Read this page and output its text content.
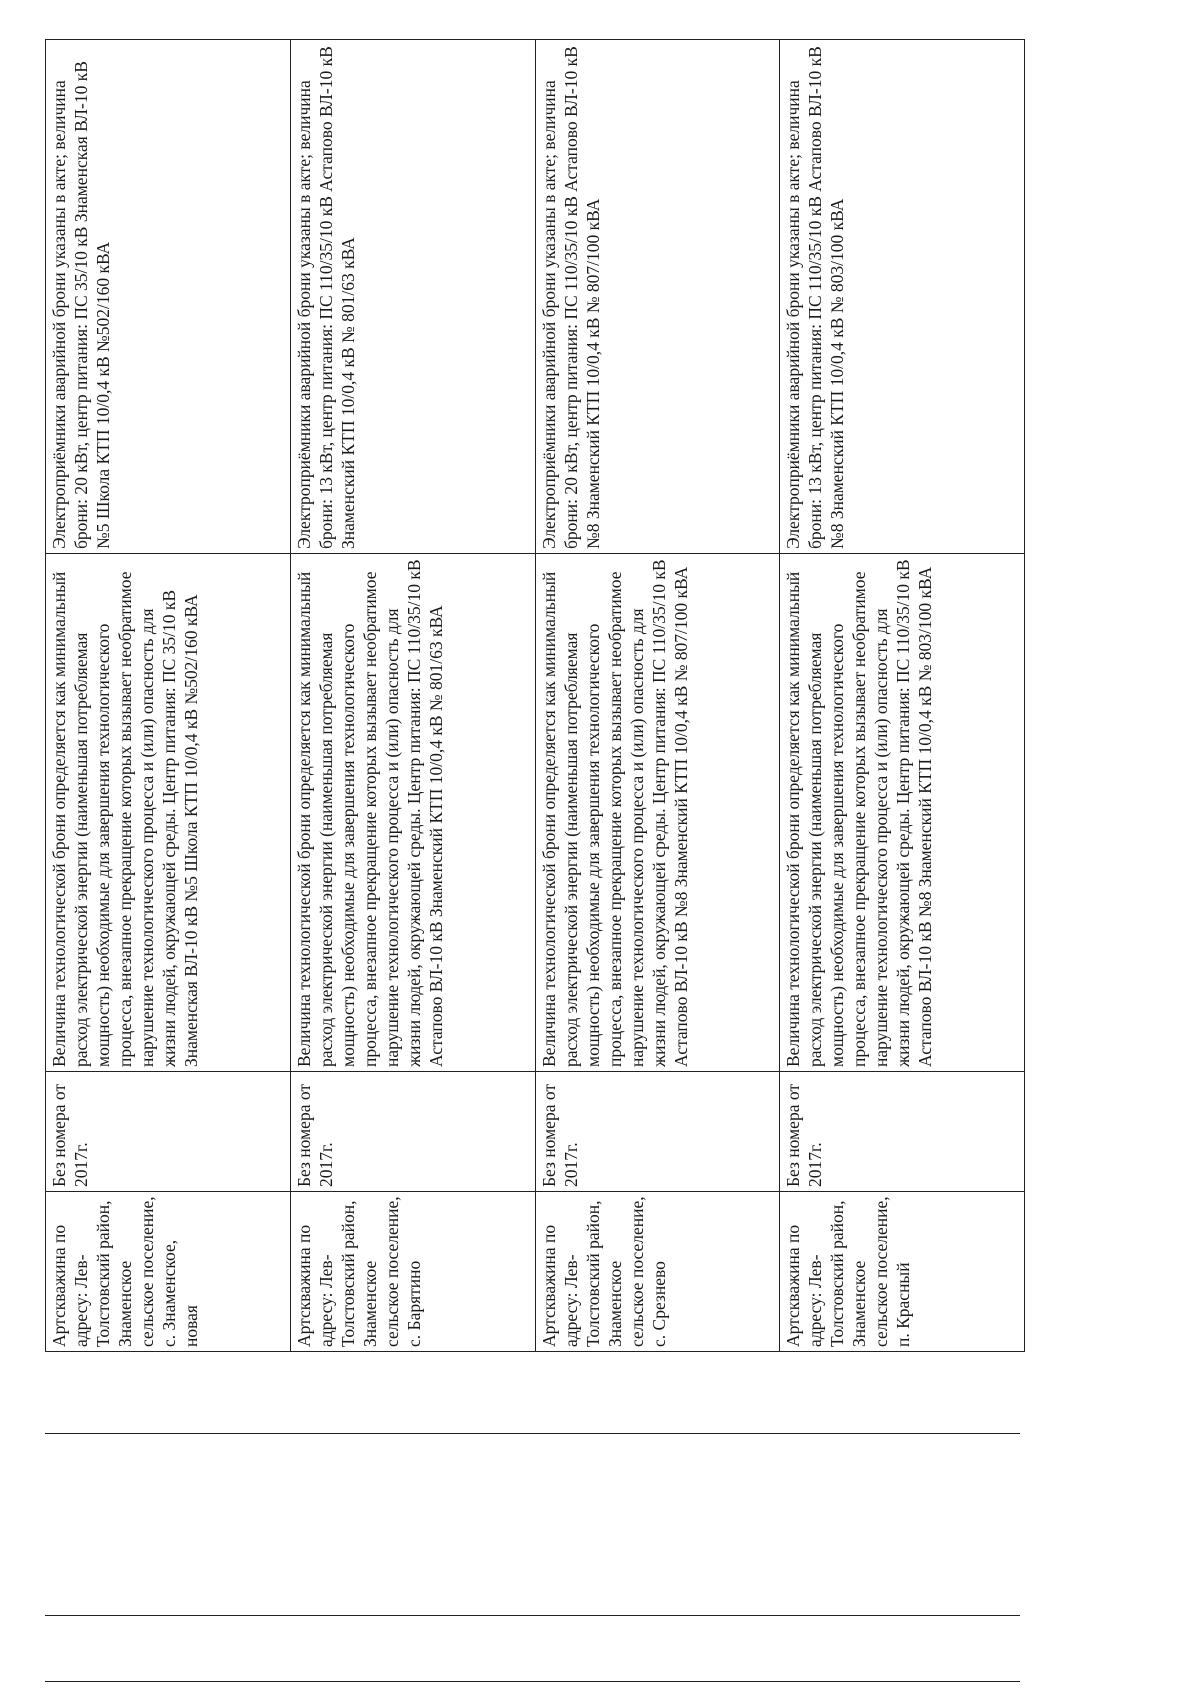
Артскважина по адресу: Лев-Толстовский район, Знаменское сельское поселение, с. Знаменское, новая	Без номера от 2017г.	Величина технологической брони определяется как минимальный расход электрической энергии (наименьшая потребляемая мощность) необходимые для завершения технологического процесса, внезапное прекращение которых вызывает необратимое нарушение технологического процесса и (или) опасность для жизни людей, окружающей среды. Центр питания: ПС 35/10 кВ Знаменская ВЛ-10 кВ №5 Школа КТП 10/0,4 кВ №502/160 кВА	Электроприёмники аварийной брони указаны в акте; величина брони: 20 кВт, центр питания: ПС 35/10 кВ Знаменская ВЛ-10 кВ №5 Школа КТП 10/0,4 кВ №502/160 кВА
Артскважина по адресу: Лев-Толстовский район, Знаменское сельское поселение, с. Барятино	Без номера от 2017г.	Величина технологической брони определяется как минимальный расход электрической энергии (наименьшая потребляемая мощность) необходимые для завершения технологического процесса, внезапное прекращение которых вызывает необратимое нарушение технологического процесса и (или) опасность для жизни людей, окружающей среды. Центр питания: ПС 110/35/10 кВ Астапово ВЛ-10 кВ Знаменский КТП 10/0,4 кВ № 801/63 кВА	Электроприёмники аварийной брони указаны в акте; величина брони: 13 кВт, центр питания: ПС 110/35/10 кВ Астапово ВЛ-10 кВ Знаменский КТП 10/0,4 кВ № 801/63 кВА
Артскважина по адресу: Лев-Толстовский район, Знаменское сельское поселение, с. Срезнево	Без номера от 2017г.	Величина технологической брони определяется как минимальный расход электрической энергии (наименьшая потребляемая мощность) необходимые для завершения технологического процесса, внезапное прекращение которых вызывает необратимое нарушение технологического процесса и (или) опасность для жизни людей, окружающей среды. Центр питания: ПС 110/35/10 кВ Астапово ВЛ-10 кВ №8 Знаменский КТП 10/0,4 кВ № 807/100 кВА	Электроприёмники аварийной брони указаны в акте; величина брони: 20 кВт, центр питания: ПС 110/35/10 кВ Астапово ВЛ-10 кВ №8 Знаменский КТП 10/0,4 кВ № 807/100 кВА
Артскважина по адресу: Лев-Толстовский район, Знаменское сельское поселение, п. Красный	Без номера от 2017г.	Величина технологической брони определяется как минимальный расход электрической энергии (наименьшая потребляемая мощность) необходимые для завершения технологического процесса, внезапное прекращение которых вызывает необратимое нарушение технологического процесса и (или) опасность для жизни людей, окружающей среды. Центр питания: ПС 110/35/10 кВ Астапово ВЛ-10 кВ №8 Знаменский КТП 10/0,4 кВ № 803/100 кВА	Электроприёмники аварийной брони указаны в акте; величина брони: 13 кВт, центр питания: ПС 110/35/10 кВ Астапово ВЛ-10 кВ №8 Знаменский КТП 10/0,4 кВ № 803/100 кВА
